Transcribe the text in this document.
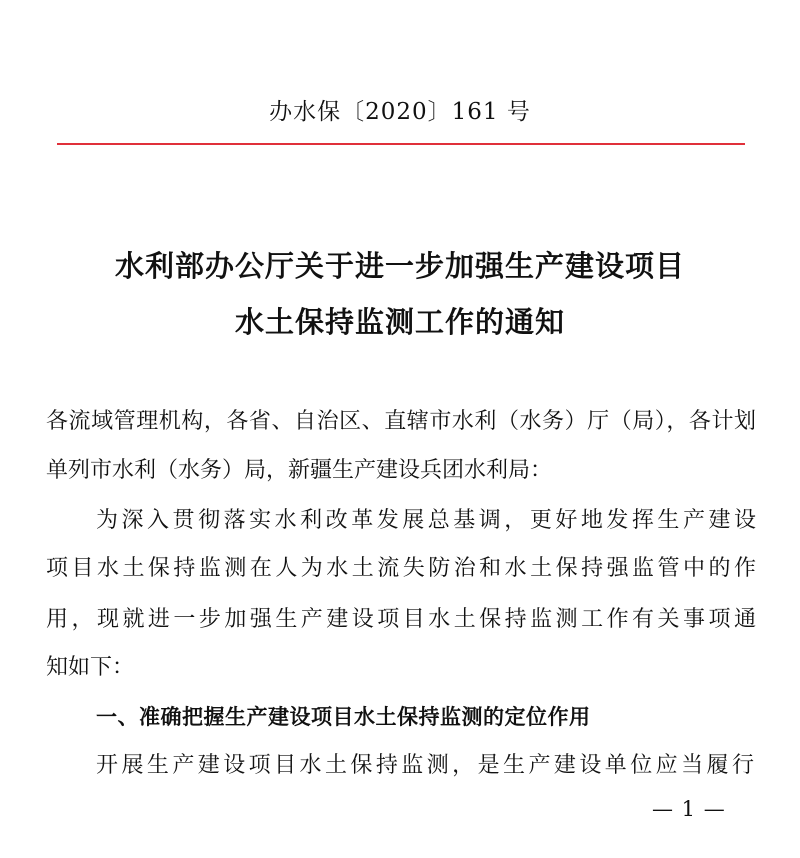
办水保〔2020〕161 号
水利部办公厅关于进一步加强生产建设项目
水土保持监测工作的通知
各流域管理机构，各省、自治区、直辖市水利（水务）厅（局），各计划
单列市水利（水务）局，新疆生产建设兵团水利局：
为深入贯彻落实水利改革发展总基调，更好地发挥生产建设
项目水土保持监测在人为水土流失防治和水土保持强监管中的作
用，现就进一步加强生产建设项目水土保持监测工作有关事项通
知如下：
一、准确把握生产建设项目水土保持监测的定位作用
开展生产建设项目水土保持监测，是生产建设单位应当履行
— 1 —
